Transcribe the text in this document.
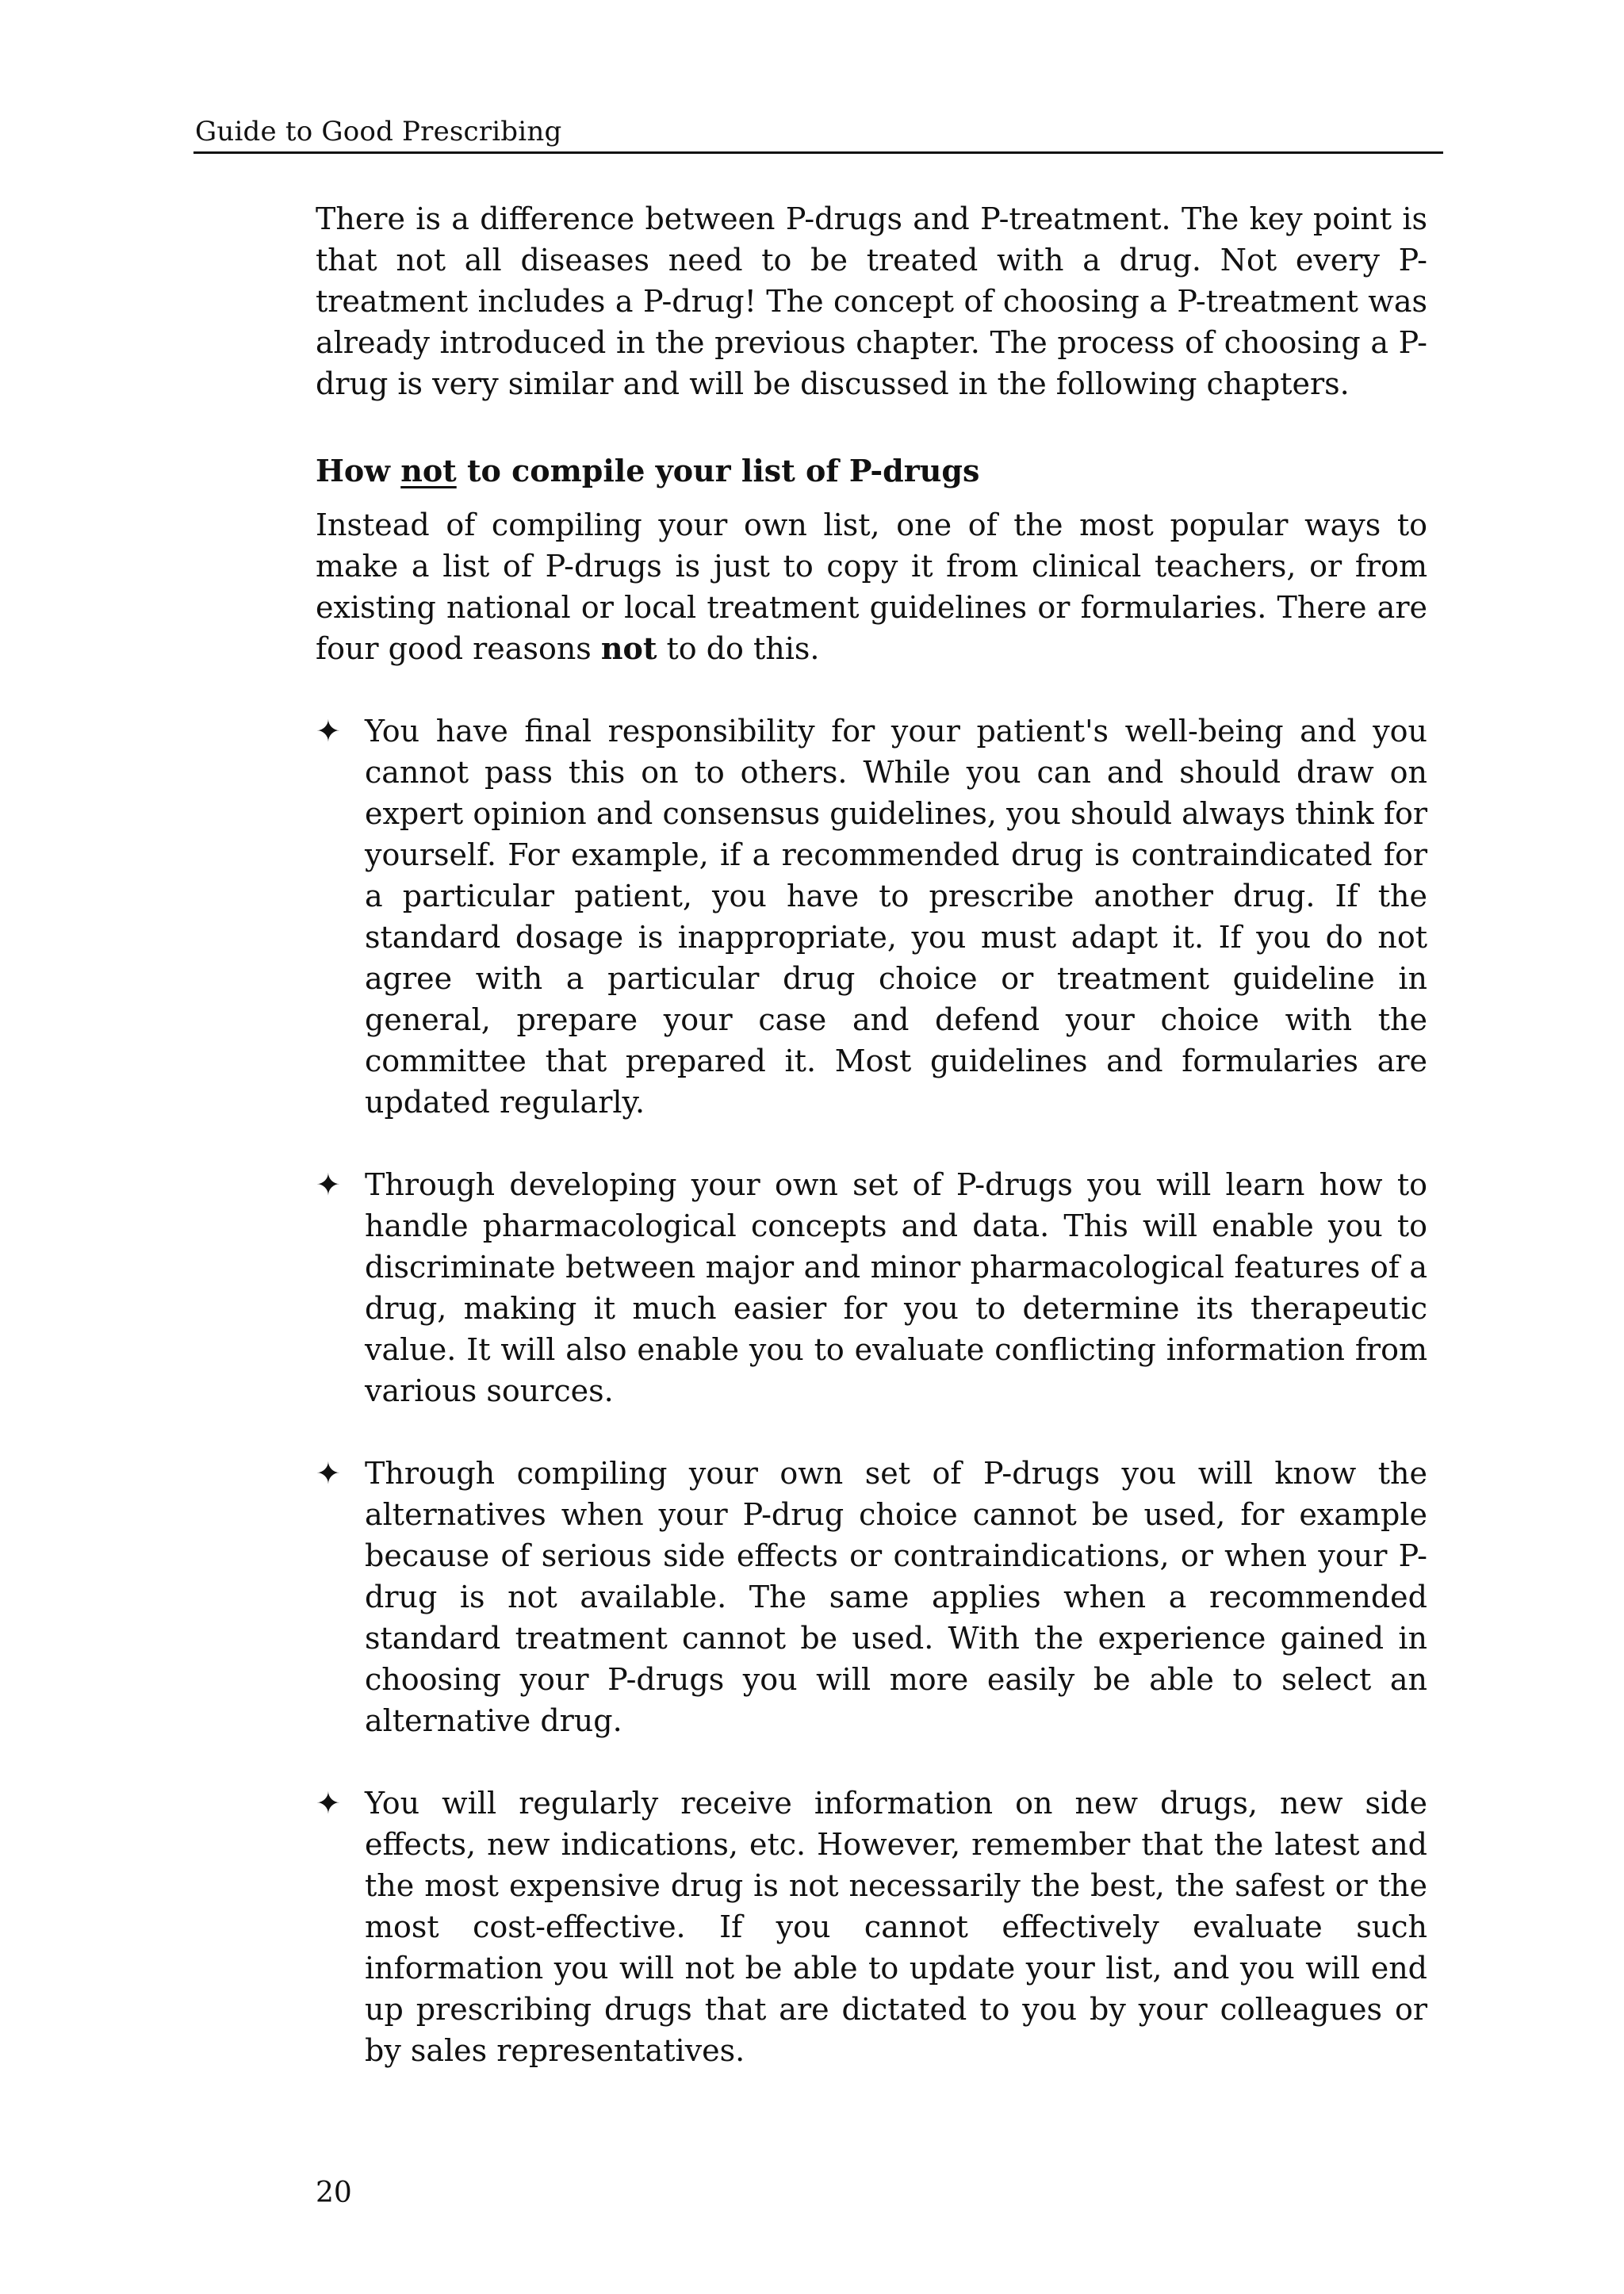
Guide to Good Prescribing

There is a difference between P-drugs and P-treatment. The key point is that not all diseases need to be treated with a drug. Not every P-treatment includes a P-drug! The concept of choosing a P-treatment was already introduced in the previous chapter. The process of choosing a P-drug is very similar and will be discussed in the following chapters.

How not to compile your list of P-drugs

Instead of compiling your own list, one of the most popular ways to make a list of P-drugs is just to copy it from clinical teachers, or from existing national or local treatment guidelines or formularies. There are four good reasons not to do this.

✦ You have final responsibility for your patient's well-being and you cannot pass this on to others. While you can and should draw on expert opinion and consensus guidelines, you should always think for yourself. For example, if a recommended drug is contraindicated for a particular patient, you have to prescribe another drug. If the standard dosage is inappropriate, you must adapt it. If you do not agree with a particular drug choice or treatment guideline in general, prepare your case and defend your choice with the committee that prepared it. Most guidelines and formularies are updated regularly.

✦ Through developing your own set of P-drugs you will learn how to handle pharmacological concepts and data. This will enable you to discriminate between major and minor pharmacological features of a drug, making it much easier for you to determine its therapeutic value. It will also enable you to evaluate conflicting information from various sources.

✦ Through compiling your own set of P-drugs you will know the alternatives when your P-drug choice cannot be used, for example because of serious side effects or contraindications, or when your P-drug is not available. The same applies when a recommended standard treatment cannot be used. With the experience gained in choosing your P-drugs you will more easily be able to select an alternative drug.

✦ You will regularly receive information on new drugs, new side effects, new indications, etc. However, remember that the latest and the most expensive drug is not necessarily the best, the safest or the most cost-effective. If you cannot effectively evaluate such information you will not be able to update your list, and you will end up prescribing drugs that are dictated to you by your colleagues or by sales representatives.

20
